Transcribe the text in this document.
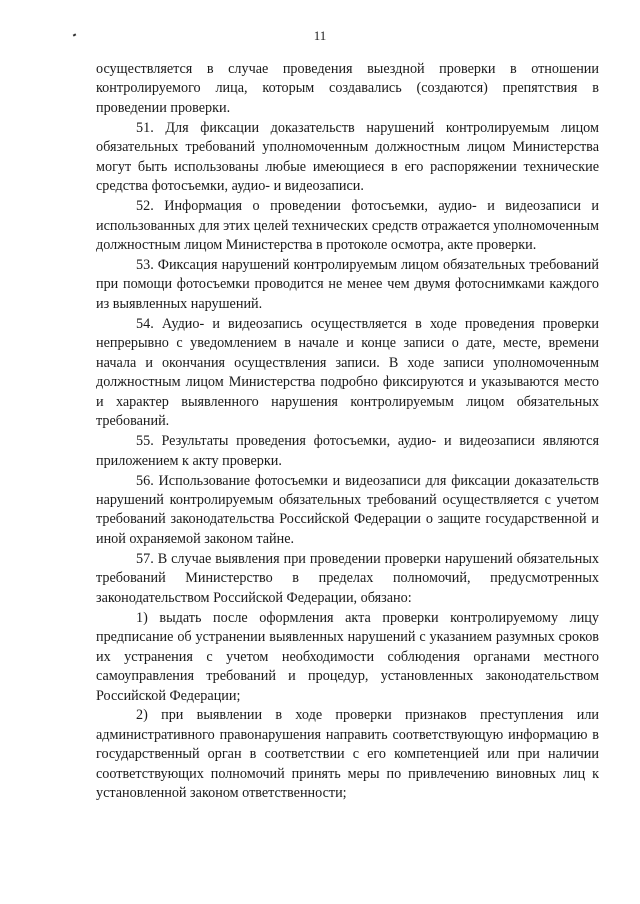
11

осуществляется в случае проведения выездной проверки в отношении контролируемого лица, которым создавались (создаются) препятствия в проведении проверки.

51. Для фиксации доказательств нарушений контролируемым лицом обязательных требований уполномоченным должностным лицом Министерства могут быть использованы любые имеющиеся в его распоряжении технические средства фотосъемки, аудио- и видеозаписи.

52. Информация о проведении фотосъемки, аудио- и видеозаписи и использованных для этих целей технических средств отражается уполномоченным должностным лицом Министерства в протоколе осмотра, акте проверки.

53. Фиксация нарушений контролируемым лицом обязательных требований при помощи фотосъемки проводится не менее чем двумя фотоснимками каждого из выявленных нарушений.

54. Аудио- и видеозапись осуществляется в ходе проведения проверки непрерывно с уведомлением в начале и конце записи о дате, месте, времени начала и окончания осуществления записи. В ходе записи уполномоченным должностным лицом Министерства подробно фиксируются и указываются место и характер выявленного нарушения контролируемым лицом обязательных требований.

55. Результаты проведения фотосъемки, аудио- и видеозаписи являются приложением к акту проверки.

56. Использование фотосъемки и видеозаписи для фиксации доказательств нарушений контролируемым обязательных требований осуществляется с учетом требований законодательства Российской Федерации о защите государственной и иной охраняемой законом тайне.

57. В случае выявления при проведении проверки нарушений обязательных требований Министерство в пределах полномочий, предусмотренных законодательством Российской Федерации, обязано:

1) выдать после оформления акта проверки контролируемому лицу предписание об устранении выявленных нарушений с указанием разумных сроков их устранения с учетом необходимости соблюдения органами местного самоуправления требований и процедур, установленных законодательством Российской Федерации;

2) при выявлении в ходе проверки признаков преступления или административного правонарушения направить соответствующую информацию в государственный орган в соответствии с его компетенцией или при наличии соответствующих полномочий принять меры по привлечению виновных лиц к установленной законом ответственности;
